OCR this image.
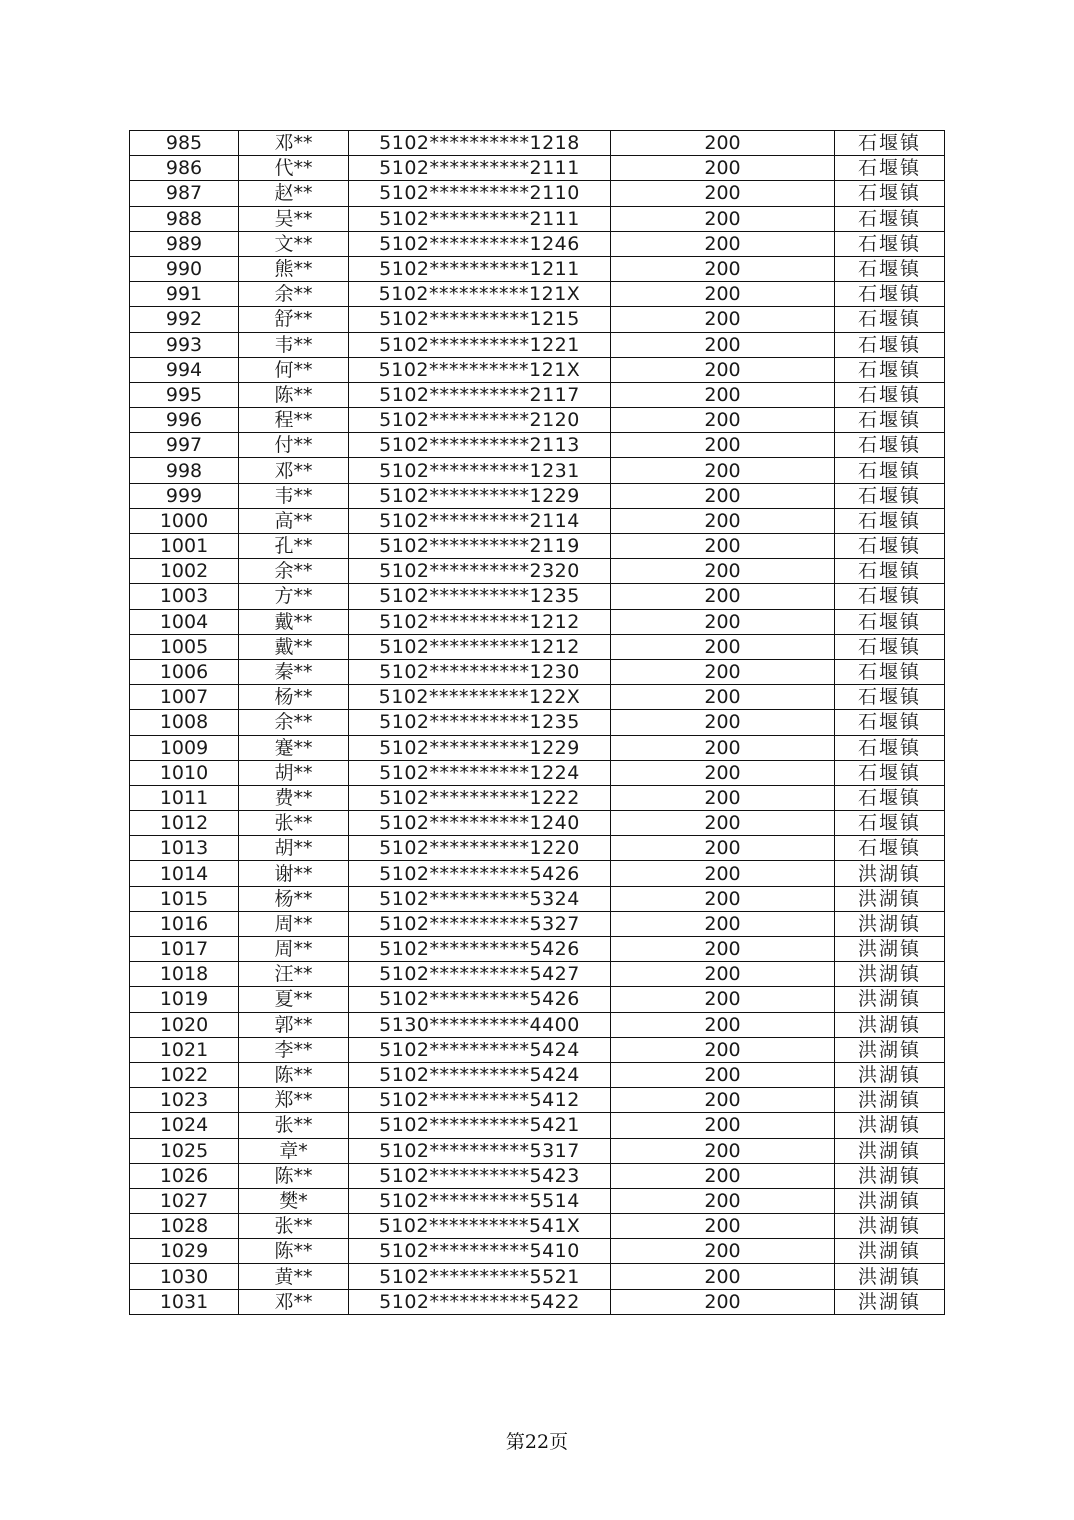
985	邓**	5102**********1218	200	石堰镇
986	代**	5102**********2111	200	石堰镇
987	赵**	5102**********2110	200	石堰镇
988	吴**	5102**********2111	200	石堰镇
989	文**	5102**********1246	200	石堰镇
990	熊**	5102**********1211	200	石堰镇
991	余**	5102**********121X	200	石堰镇
992	舒**	5102**********1215	200	石堰镇
993	韦**	5102**********1221	200	石堰镇
994	何**	5102**********121X	200	石堰镇
995	陈**	5102**********2117	200	石堰镇
996	程**	5102**********2120	200	石堰镇
997	付**	5102**********2113	200	石堰镇
998	邓**	5102**********1231	200	石堰镇
999	韦**	5102**********1229	200	石堰镇
1000	高**	5102**********2114	200	石堰镇
1001	孔**	5102**********2119	200	石堰镇
1002	余**	5102**********2320	200	石堰镇
1003	方**	5102**********1235	200	石堰镇
1004	戴**	5102**********1212	200	石堰镇
1005	戴**	5102**********1212	200	石堰镇
1006	秦**	5102**********1230	200	石堰镇
1007	杨**	5102**********122X	200	石堰镇
1008	余**	5102**********1235	200	石堰镇
1009	蹇**	5102**********1229	200	石堰镇
1010	胡**	5102**********1224	200	石堰镇
1011	费**	5102**********1222	200	石堰镇
1012	张**	5102**********1240	200	石堰镇
1013	胡**	5102**********1220	200	石堰镇
1014	谢**	5102**********5426	200	洪湖镇
1015	杨**	5102**********5324	200	洪湖镇
1016	周**	5102**********5327	200	洪湖镇
1017	周**	5102**********5426	200	洪湖镇
1018	汪**	5102**********5427	200	洪湖镇
1019	夏**	5102**********5426	200	洪湖镇
1020	郭**	5130**********4400	200	洪湖镇
1021	李**	5102**********5424	200	洪湖镇
1022	陈**	5102**********5424	200	洪湖镇
1023	郑**	5102**********5412	200	洪湖镇
1024	张**	5102**********5421	200	洪湖镇
1025	章*	5102**********5317	200	洪湖镇
1026	陈**	5102**********5423	200	洪湖镇
1027	樊*	5102**********5514	200	洪湖镇
1028	张**	5102**********541X	200	洪湖镇
1029	陈**	5102**********5410	200	洪湖镇
1030	黄**	5102**********5521	200	洪湖镇
1031	邓**	5102**********5422	200	洪湖镇
第22页
